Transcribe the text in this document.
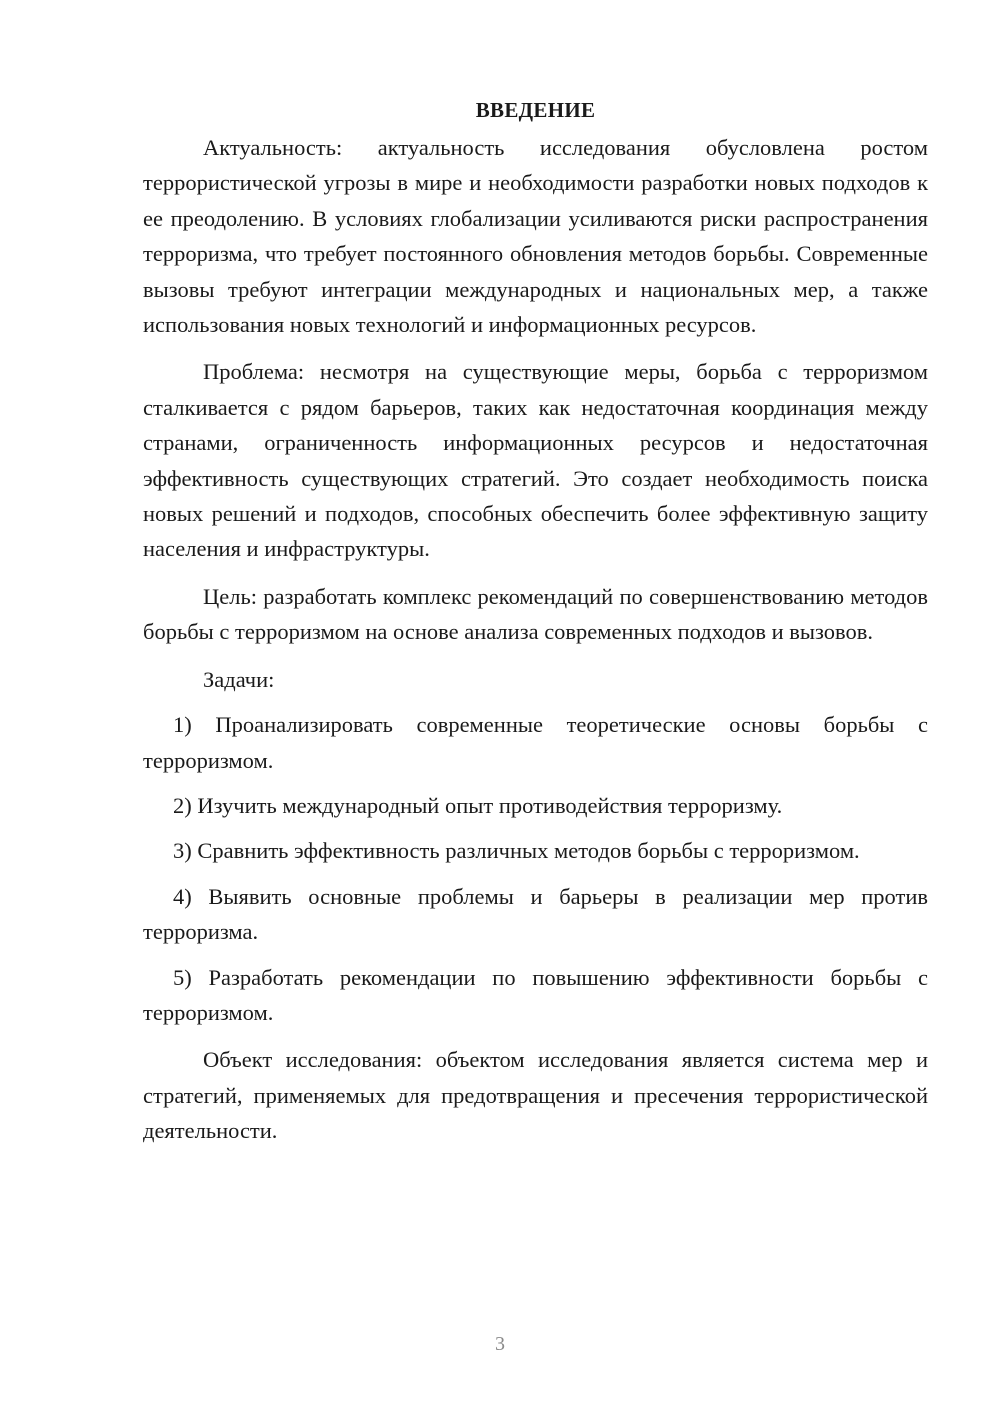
ВВЕДЕНИЕ

Актуальность: актуальность исследования обусловлена ростом террористической угрозы в мире и необходимости разработки новых подходов к ее преодолению. В условиях глобализации усиливаются риски распространения терроризма, что требует постоянного обновления методов борьбы. Современные вызовы требуют интеграции международных и национальных мер, а также использования новых технологий и информационных ресурсов.

Проблема: несмотря на существующие меры, борьба с терроризмом сталкивается с рядом барьеров, таких как недостаточная координация между странами, ограниченность информационных ресурсов и недостаточная эффективность существующих стратегий. Это создает необходимость поиска новых решений и подходов, способных обеспечить более эффективную защиту населения и инфраструктуры.

Цель: разработать комплекс рекомендаций по совершенствованию методов борьбы с терроризмом на основе анализа современных подходов и вызовов.

Задачи:

1) Проанализировать современные теоретические основы борьбы с терроризмом.

2) Изучить международный опыт противодействия терроризму.

3) Сравнить эффективность различных методов борьбы с терроризмом.

4) Выявить основные проблемы и барьеры в реализации мер против терроризма.

5) Разработать рекомендации по повышению эффективности борьбы с терроризмом.

Объект исследования: объектом исследования является система мер и стратегий, применяемых для предотвращения и пресечения террористической деятельности.

3
